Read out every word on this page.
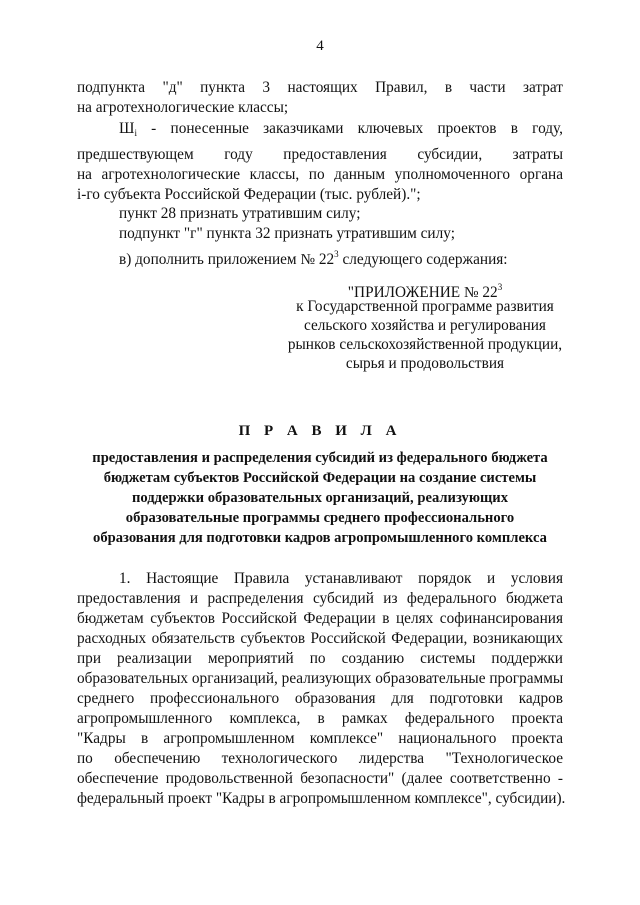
4
подпункта "д" пункта 3 настоящих Правил, в части затрат
на агротехнологические классы;
$Ш_i$ - понесенные заказчиками ключевых проектов в году,
предшествующем году предоставления субсидии, затраты
на агротехнологические классы, по данным уполномоченного органа
i-го субъекта Российской Федерации (тыс. рублей).";
пункт 28 признать утратившим силу;
подпункт "г" пункта 32 признать утратившим силу;
в) дополнить приложением № $22^3$ следующего содержания:
"ПРИЛОЖЕНИЕ № $22^3$
к Государственной программе развития
сельского хозяйства и регулирования
рынков сельскохозяйственной продукции,
сырья и продовольствия
П Р А В И Л А
предоставления и распределения субсидий из федерального бюджета
бюджетам субъектов Российской Федерации на создание системы
поддержки образовательных организаций, реализующих
образовательные программы среднего профессионального
образования для подготовки кадров агропромышленного комплекса
1. Настоящие Правила устанавливают порядок и условия
предоставления и распределения субсидий из федерального бюджета
бюджетам субъектов Российской Федерации в целях софинансирования
расходных обязательств субъектов Российской Федерации, возникающих
при реализации мероприятий по созданию системы поддержки
образовательных организаций, реализующих образовательные программы
среднего профессионального образования для подготовки кадров
агропромышленного комплекса, в рамках федерального проекта
"Кадры в агропромышленном комплексе" национального проекта
по обеспечению технологического лидерства "Технологическое
обеспечение продовольственной безопасности" (далее соответственно -
федеральный проект "Кадры в агропромышленном комплексе", субсидии).
